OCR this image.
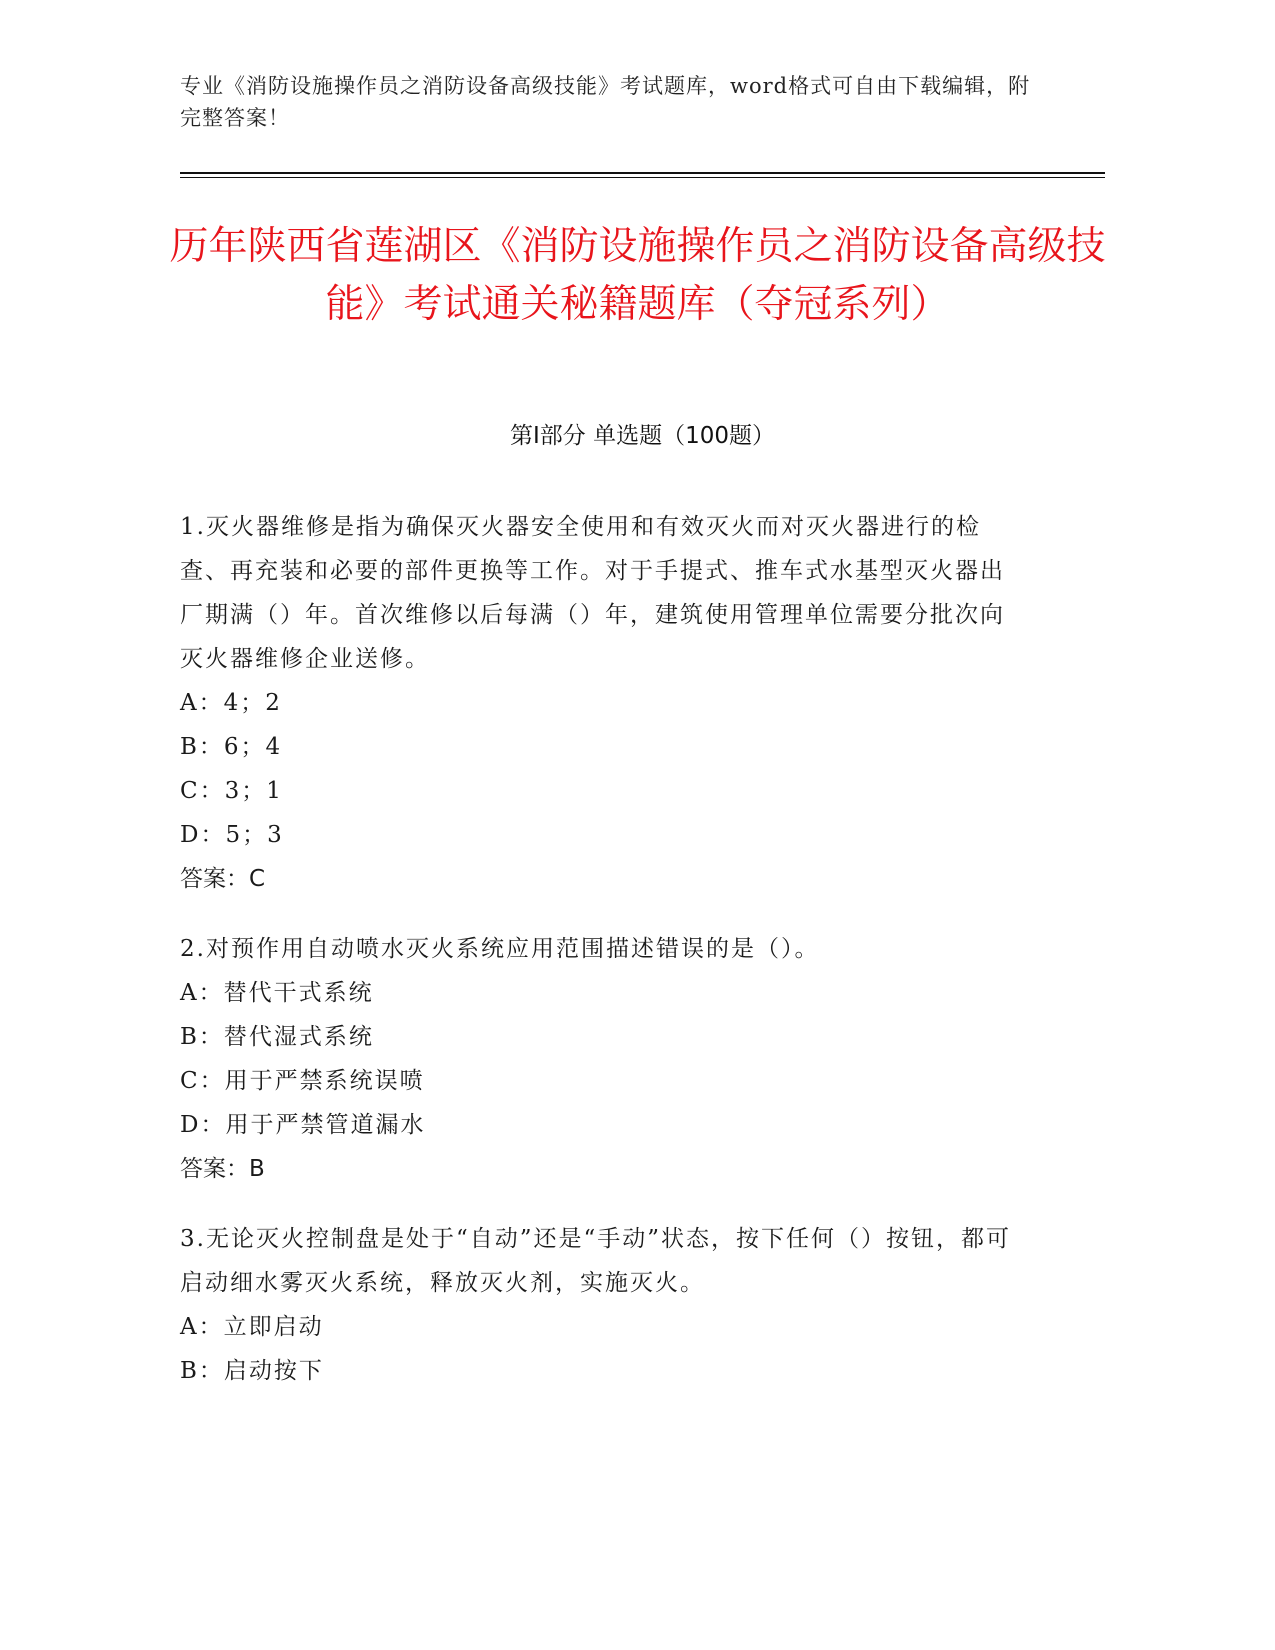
专业《消防设施操作员之消防设备高级技能》考试题库，word格式可自由下载编辑，附完整答案！
历年陕西省莲湖区《消防设施操作员之消防设备高级技能》考试通关秘籍题库（夺冠系列）
第Ⅰ部分 单选题（100题）

1.灭火器维修是指为确保灭火器安全使用和有效灭火而对灭火器进行的检查、再充装和必要的部件更换等工作。对于手提式、推车式水基型灭火器出厂期满（）年。首次维修以后每满（）年，建筑使用管理单位需要分批次向灭火器维修企业送修。

A：4；2

B：6；4

C：3；1

D：5；3

答案：C

2.对预作用自动喷水灭火系统应用范围描述错误的是（）。

A：替代干式系统

B：替代湿式系统

C：用于严禁系统误喷

D：用于严禁管道漏水

答案：B

3.无论灭火控制盘是处于“自动”还是“手动”状态，按下任何（）按钮，都可启动细水雾灭火系统，释放灭火剂，实施灭火。

A：立即启动

B：启动按下
